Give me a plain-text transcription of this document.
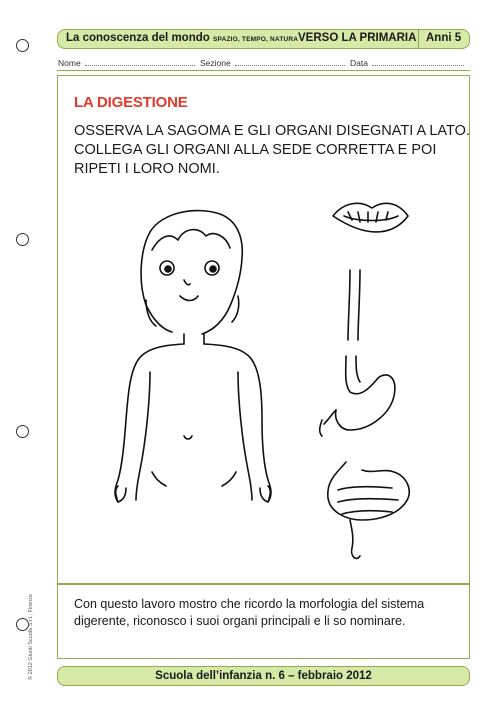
La conoscenza del mondo SPAZIO, TEMPO, NATURA VERSO LA PRIMARIA Anni 5
Nome	Sezione	Data
LA DIGESTIONE
OSSERVA LA SAGOMA E GLI ORGANI DISEGNATI A LATO.
COLLEGA GLI ORGANI ALLA SEDE CORRETTA E POI
RIPETI I LORO NOMI.
Con questo lavoro mostro che ricordo la morfologia del sistema digerente, riconosco i suoi organi principali e li so nominare.
Scuola dell’infanzia n. 6 – febbraio 2012
© 2012 Giunti Scuola S.r.l., Firenze
